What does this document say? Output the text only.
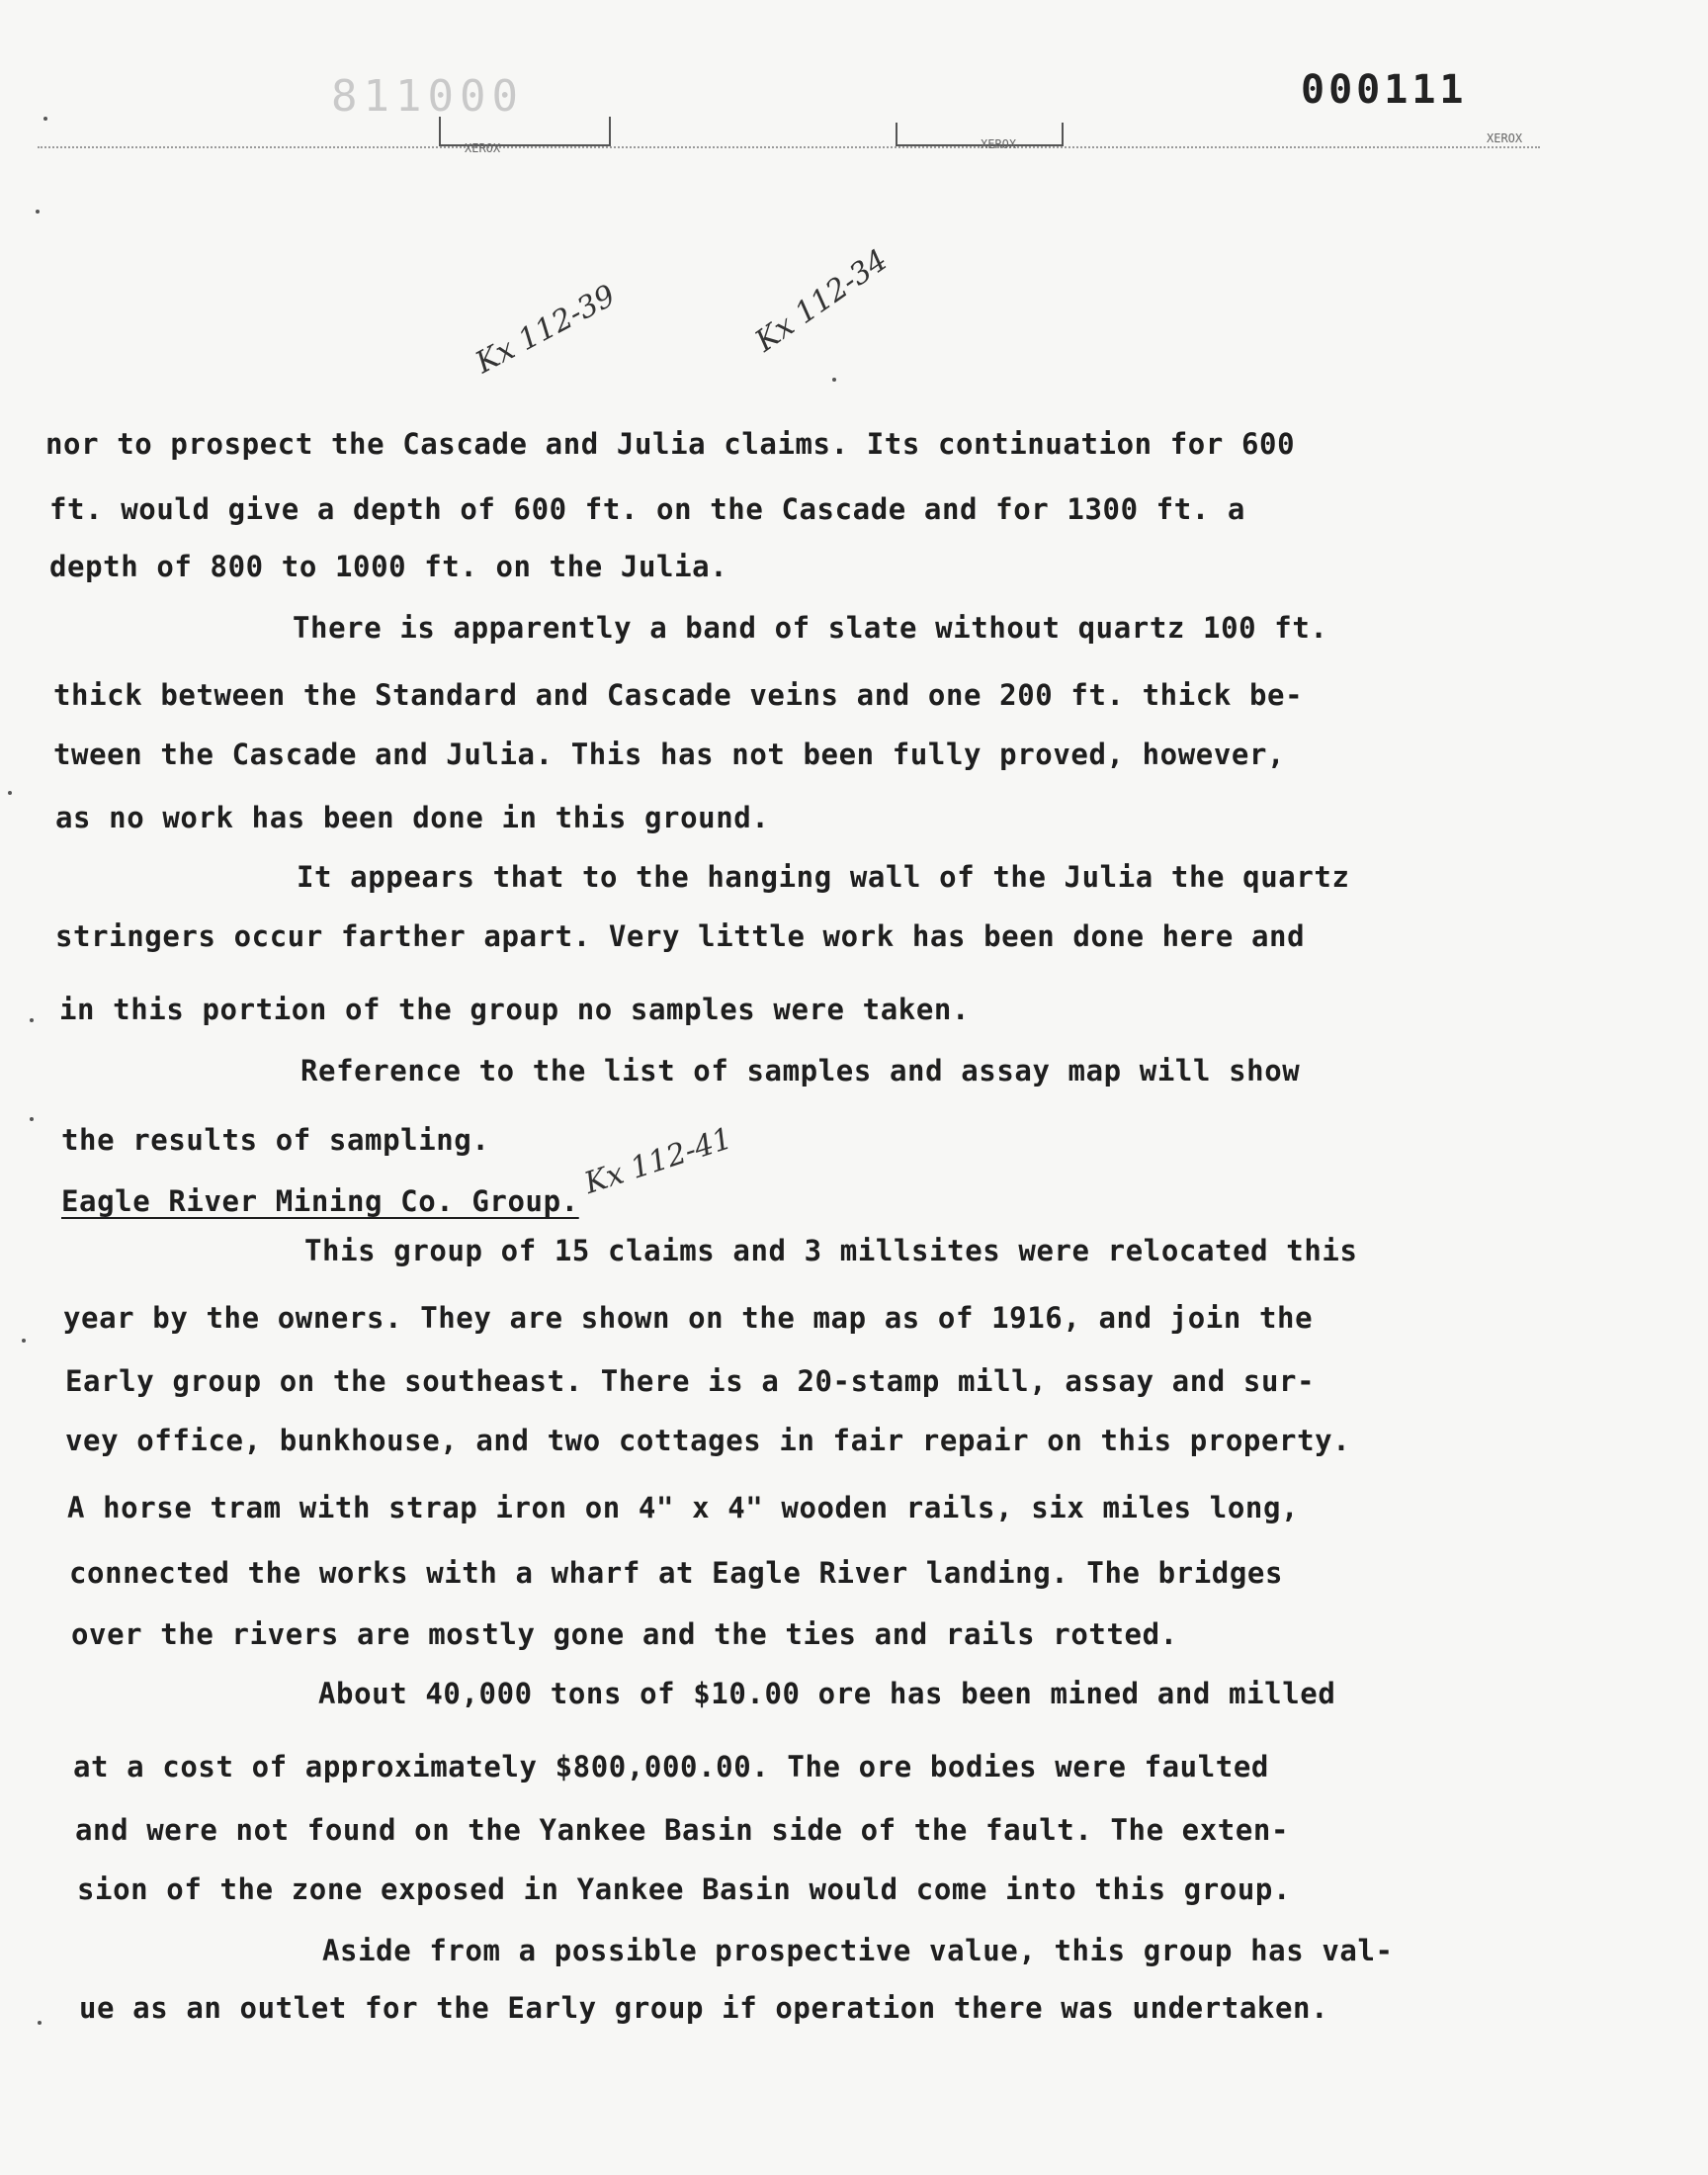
811000	000111
XEROX	XEROX	XEROX
Kx 112-39	Kx 112-34
Kx 112-41
nor to prospect the Cascade and Julia claims. Its continuation for 600
ft. would give a depth of 600 ft. on the Cascade and for 1300 ft. a
depth of 800 to 1000 ft. on the Julia.
There is apparently a band of slate without quartz 100 ft.
thick between the Standard and Cascade veins and one 200 ft. thick be-
tween the Cascade and Julia. This has not been fully proved, however,
as no work has been done in this ground.
It appears that to the hanging wall of the Julia the quartz
stringers occur farther apart. Very little work has been done here and
in this portion of the group no samples were taken.
Reference to the list of samples and assay map will show
the results of sampling.
Eagle River Mining Co. Group.
This group of 15 claims and 3 millsites were relocated this
year by the owners. They are shown on the map as of 1916, and join the
Early group on the southeast. There is a 20-stamp mill, assay and sur-
vey office, bunkhouse, and two cottages in fair repair on this property.
A horse tram with strap iron on 4" x 4" wooden rails, six miles long,
connected the works with a wharf at Eagle River landing. The bridges
over the rivers are mostly gone and the ties and rails rotted.
About 40,000 tons of $10.00 ore has been mined and milled
at a cost of approximately $800,000.00. The ore bodies were faulted
and were not found on the Yankee Basin side of the fault. The exten-
sion of the zone exposed in Yankee Basin would come into this group.
Aside from a possible prospective value, this group has val-
ue as an outlet for the Early group if operation there was undertaken.
